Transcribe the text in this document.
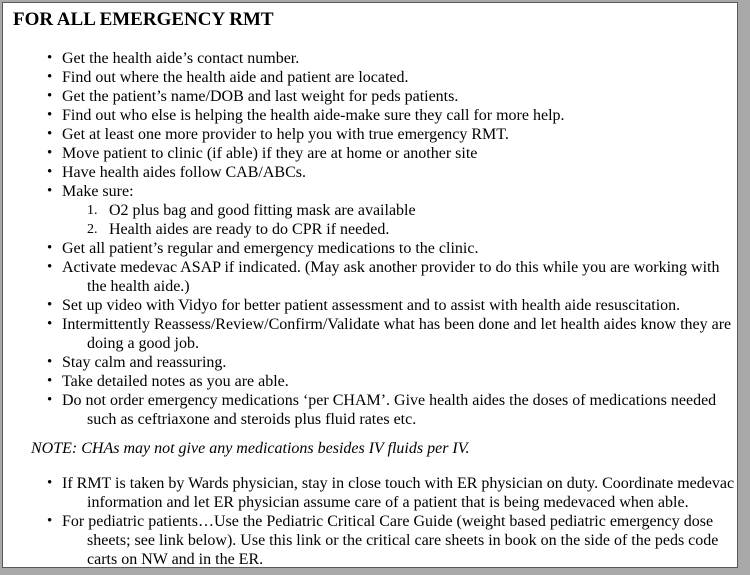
FOR ALL EMERGENCY RMT
• Get the health aide’s contact number.
• Find out where the health aide and patient are located.
• Get the patient’s name/DOB and last weight for peds patients.
• Find out who else is helping the health aide-make sure they call for more help.
• Get at least one more provider to help you with true emergency RMT.
• Move patient to clinic (if able) if they are at home or another site
• Have health aides follow CAB/ABCs.
• Make sure:
1. O2 plus bag and good fitting mask are available
2. Health aides are ready to do CPR if needed.
• Get all patient’s regular and emergency medications to the clinic.
• Activate medevac ASAP if indicated. (May ask another provider to do this while you are working with
the health aide.)
• Set up video with Vidyo for better patient assessment and to assist with health aide resuscitation.
• Intermittently Reassess/Review/Confirm/Validate what has been done and let health aides know they are
doing a good job.
• Stay calm and reassuring.
• Take detailed notes as you are able.
• Do not order emergency medications ‘per CHAM’. Give health aides the doses of medications needed
such as ceftriaxone and steroids plus fluid rates etc.
NOTE: CHAs may not give any medications besides IV fluids per IV.
• If RMT is taken by Wards physician, stay in close touch with ER physician on duty. Coordinate medevac
information and let ER physician assume care of a patient that is being medevaced when able.
• For pediatric patients…Use the Pediatric Critical Care Guide (weight based pediatric emergency dose
sheets; see link below). Use this link or the critical care sheets in book on the side of the peds code
carts on NW and in the ER.
